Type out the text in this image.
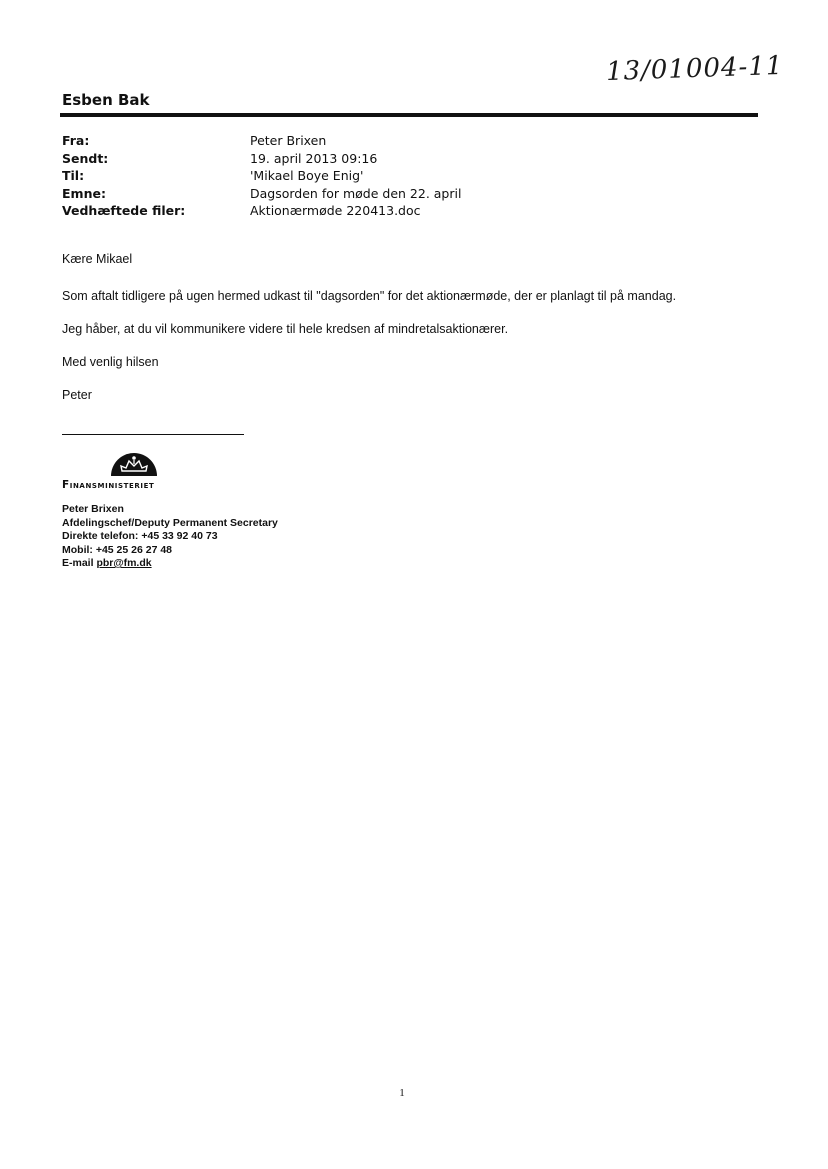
13/01004-11
Esben Bak
Fra:	Peter Brixen
Sendt:	19. april 2013 09:16
Til:	'Mikael Boye Enig'
Emne:	Dagsorden for møde den 22. april
Vedhæftede filer:	Aktionærmøde 220413.doc
Kære Mikael
Som aftalt tidligere på ugen hermed udkast til "dagsorden" for det aktionærmøde, der er planlagt til på mandag.
Jeg håber, at du vil kommunikere videre til hele kredsen af mindretalsaktionærer.
Med venlig hilsen
Peter
Finansministeriet
Peter Brixen
Afdelingschef/Deputy Permanent Secretary
Direkte telefon: +45 33 92 40 73
Mobil: +45 25 26 27 48
E-mail pbr@fm.dk
1
